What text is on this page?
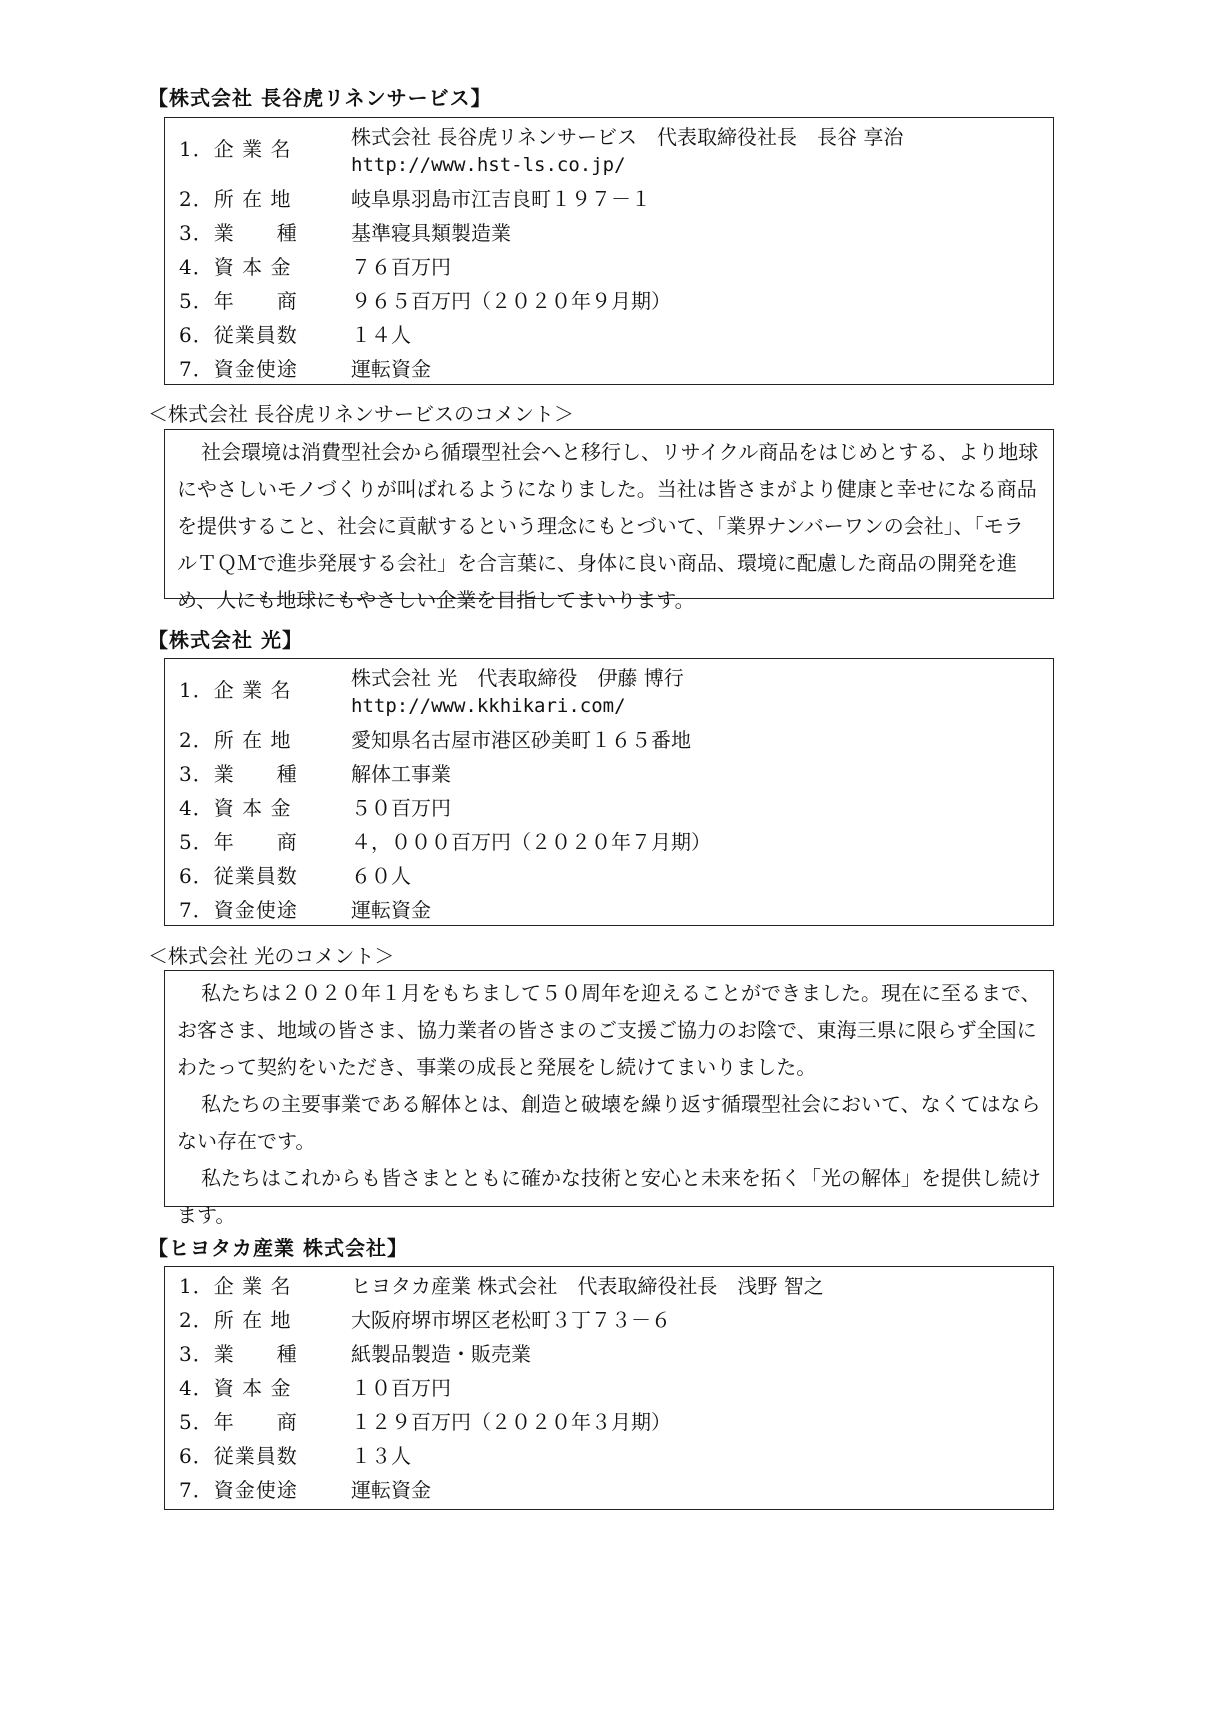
【株式会社 長谷虎リネンサービス】
1．企 業 名	株式会社 長谷虎リネンサービス　代表取締役社長　長谷 享治
http://www.hst-ls.co.jp/
2．所 在 地	岐阜県羽島市江吉良町１９７－１
3．業　　種	基準寝具類製造業
4．資 本 金	７６百万円
5．年　　商	９６５百万円（２０２０年９月期）
6．従業員数	１４人
7．資金使途	運転資金
＜株式会社 長谷虎リネンサービスのコメント＞

社会環境は消費型社会から循環型社会へと移行し、リサイクル商品をはじめとする、より地球にやさしいモノづくりが叫ばれるようになりました。当社は皆さまがより健康と幸せになる商品を提供すること、社会に貢献するという理念にもとづいて、「業界ナンバーワンの会社」、「モラルＴＱＭで進歩発展する会社」を合言葉に、身体に良い商品、環境に配慮した商品の開発を進め、人にも地球にもやさしい企業を目指してまいります。

【株式会社 光】
1．企 業 名	株式会社 光　代表取締役　伊藤 博行
http://www.kkhikari.com/
2．所 在 地	愛知県名古屋市港区砂美町１６５番地
3．業　　種	解体工事業
4．資 本 金	５０百万円
5．年　　商	４，０００百万円（２０２０年７月期）
6．従業員数	６０人
7．資金使途	運転資金
＜株式会社 光のコメント＞

私たちは２０２０年１月をもちまして５０周年を迎えることができました。現在に至るまで、お客さま、地域の皆さま、協力業者の皆さまのご支援ご協力のお陰で、東海三県に限らず全国にわたって契約をいただき、事業の成長と発展をし続けてまいりました。

私たちの主要事業である解体とは、創造と破壊を繰り返す循環型社会において、なくてはならない存在です。

私たちはこれからも皆さまとともに確かな技術と安心と未来を拓く「光の解体」を提供し続けます。

【ヒヨタカ産業 株式会社】
1．企 業 名	ヒヨタカ産業 株式会社　代表取締役社長　浅野 智之
2．所 在 地	大阪府堺市堺区老松町３丁７３－６
3．業　　種	紙製品製造・販売業
4．資 本 金	１０百万円
5．年　　商	１２９百万円（２０２０年３月期）
6．従業員数	１３人
7．資金使途	運転資金
